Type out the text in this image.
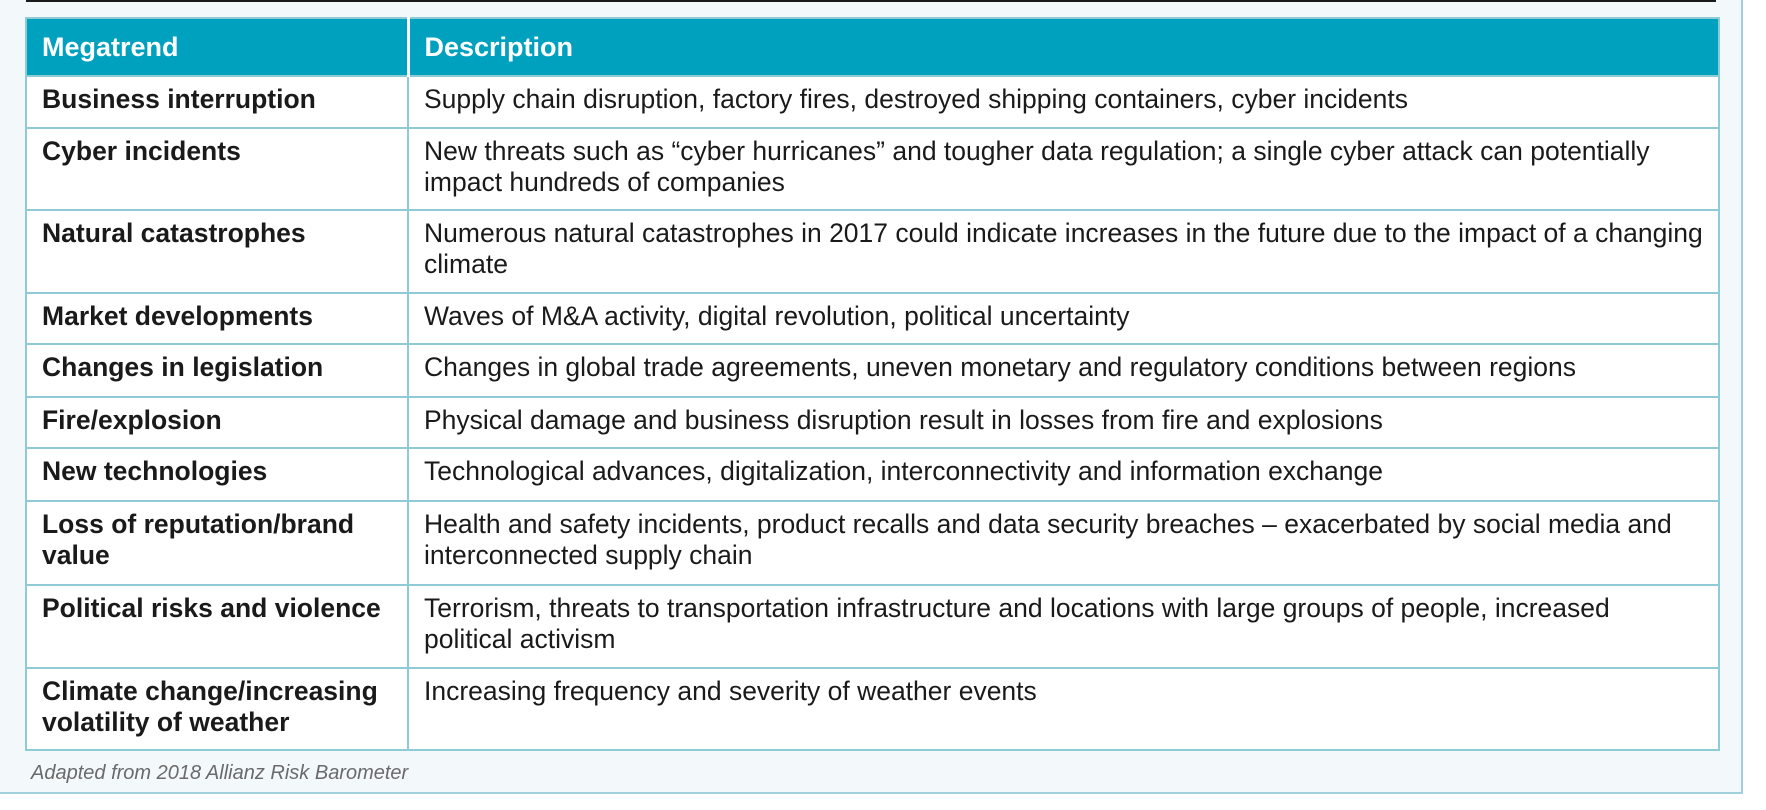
Megatrend	Description
Business interruption	Supply chain disruption, factory fires, destroyed shipping containers, cyber incidents
Cyber incidents	New threats such as “cyber hurricanes” and tougher data regulation; a single cyber attack can potentially impact hundreds of companies
Natural catastrophes	Numerous natural catastrophes in 2017 could indicate increases in the future due to the impact of a changing climate
Market developments	Waves of M&A activity, digital revolution, political uncertainty
Changes in legislation	Changes in global trade agreements, uneven monetary and regulatory conditions between regions
Fire/explosion	Physical damage and business disruption result in losses from fire and explosions
New technologies	Technological advances, digitalization, interconnectivity and information exchange
Loss of reputation/brand value	Health and safety incidents, product recalls and data security breaches – exacerbated by social media and interconnected supply chain
Political risks and violence	Terrorism, threats to transportation infrastructure and locations with large groups of people, increased political activism
Climate change/increasing volatility of weather	Increasing frequency and severity of weather events
Adapted from 2018 Allianz Risk Barometer
